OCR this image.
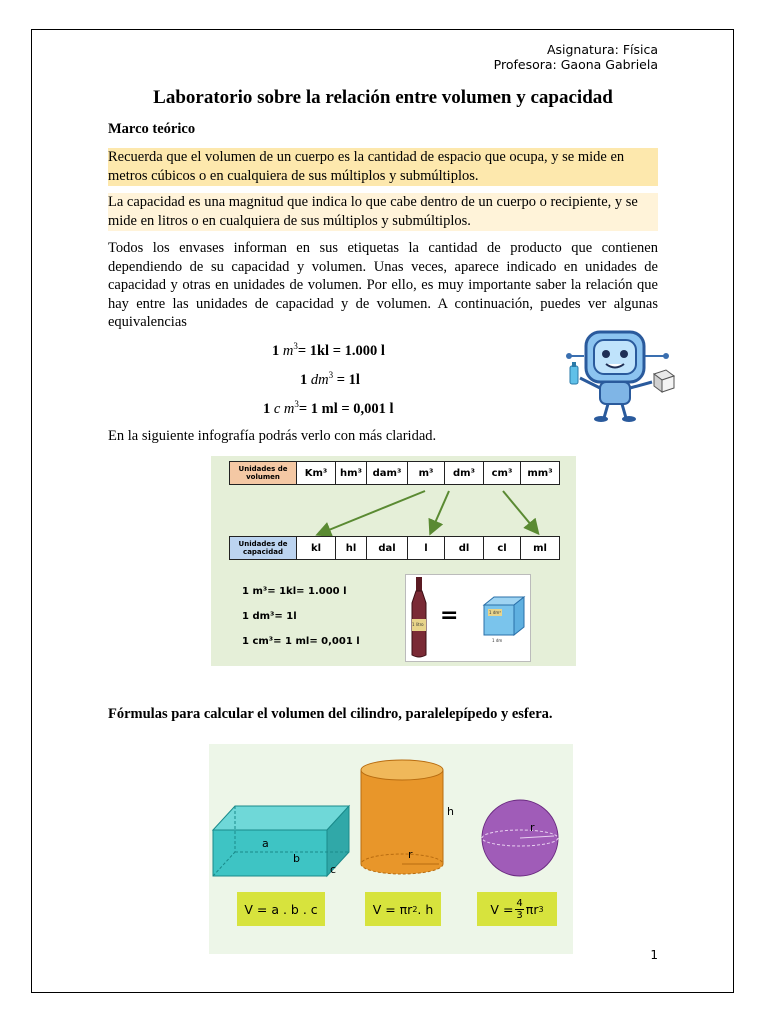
Asignatura: Física
Profesora: Gaona Gabriela
Laboratorio sobre la relación entre volumen y capacidad
Marco teórico
Recuerda que el volumen de un cuerpo es la cantidad de espacio que ocupa, y se mide en metros cúbicos o en cualquiera de sus múltiplos y submúltiplos.
La capacidad es una magnitud que indica lo que cabe dentro de un cuerpo o recipiente, y se mide en litros o en cualquiera de sus múltiplos y submúltiplos.
Todos los envases informan en sus etiquetas la cantidad de producto que contienen dependiendo de su capacidad y volumen. Unas veces, aparece indicado en unidades de capacidad y otras en unidades de volumen. Por ello, es muy importante saber la relación que hay entre las unidades de capacidad y de volumen. A continuación, puedes ver algunas equivalencias
1 $m^3= 1kl = 1.000$ l
1 $dm^3 = 1l$
1 c $m^3= 1$ ml = 0,001 l
En la siguiente infografía podrás verlo con más claridad.
Unidades de volumen	Km³	hm³	dam³	m³	dm³	cm³	mm³
Unidades de capacidad	kl	hl	dal	l	dl	cl	ml
1 m³= 1kl= 1.000 l
1 dm³= 1l
1 cm³= 1 ml= 0,001 l
1 litro =	1 dm³
1 dm
Fórmulas para calcular el volumen del cilindro, paralelepípedo y esfera.
a
b
c
h
r
r
V = a . b . c	V = πr 2 . h	$V = \frac{4}{3}$ πr 3
1
